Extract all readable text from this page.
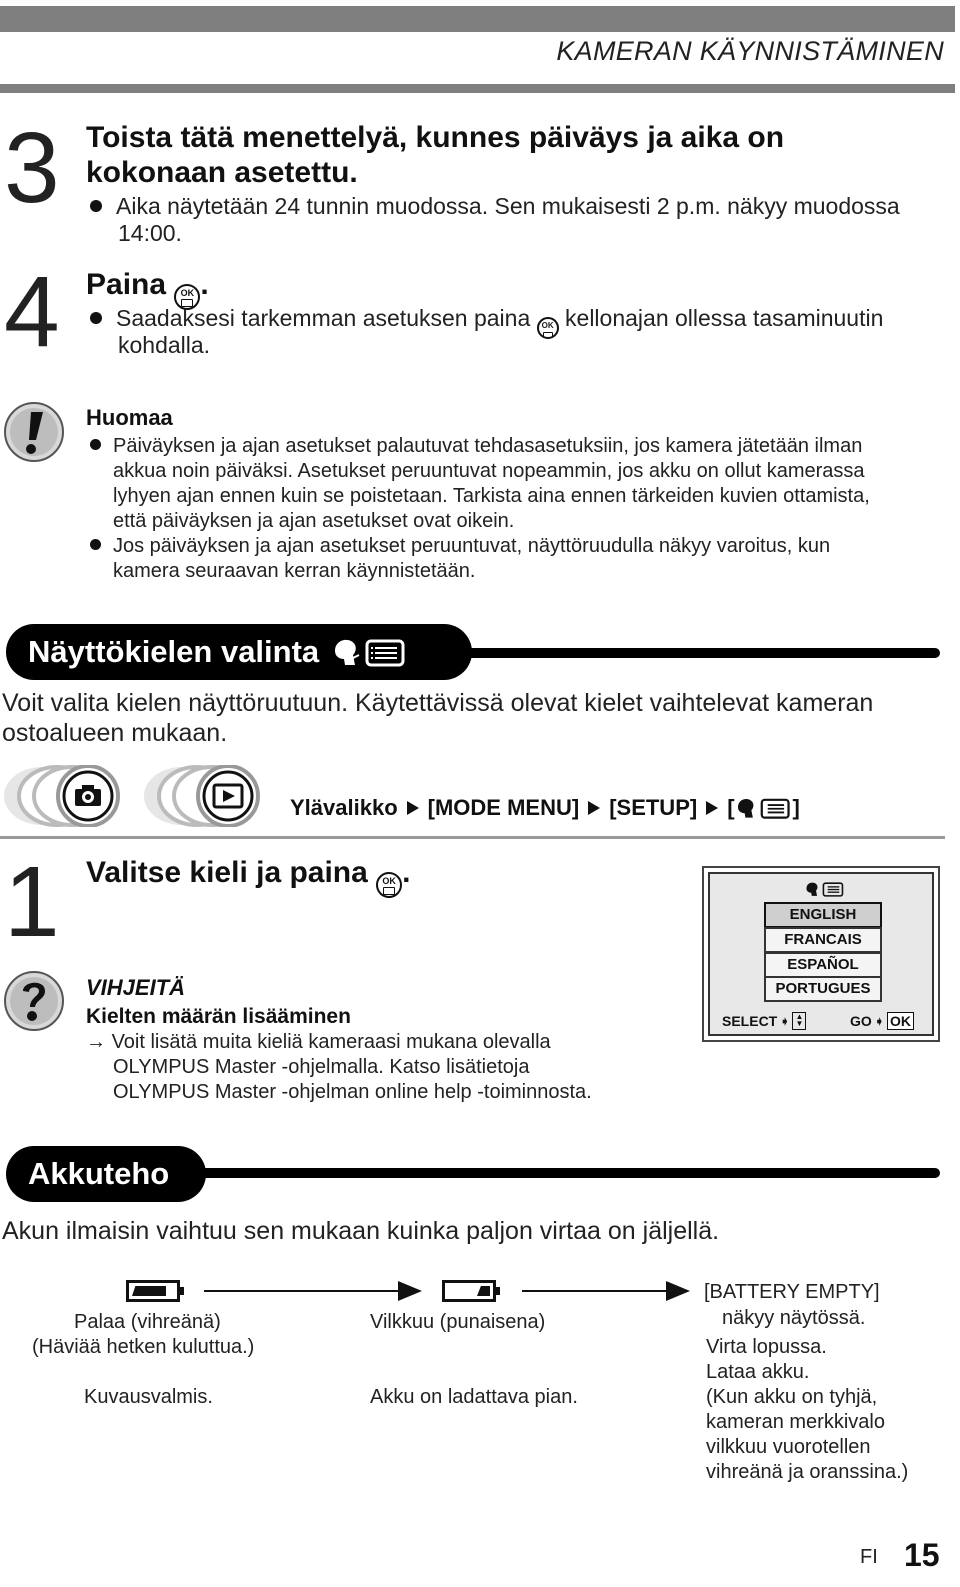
KAMERAN KÄYNNISTÄMINEN
3 Toista tätä menettelyä, kunnes päiväys ja aika on
kokonaan asetettu.
Aika näytetään 24 tunnin muodossa. Sen mukaisesti 2 p.m. näkyy muodossa
14:00.
4 Paina OK .
Saadaksesi tarkemman asetuksen paina OK kellonajan ollessa tasaminuutin
kohdalla.
Huomaa
Päiväyksen ja ajan asetukset palautuvat tehdasasetuksiin, jos kamera jätetään ilman
akkua noin päiväksi. Asetukset peruuntuvat nopeammin, jos akku on ollut kamerassa
lyhyen ajan ennen kuin se poistetaan. Tarkista aina ennen tärkeiden kuvien ottamista,
että päiväyksen ja ajan asetukset ovat oikein.
Jos päiväyksen ja ajan asetukset peruuntuvat, näyttöruudulla näkyy varoitus, kun
kamera seuraavan kerran käynnistetään.
Näyttökielen valinta
Voit valita kielen näyttöruutuun. Käytettävissä olevat kielet vaihtelevat kameran
ostoalueen mukaan.
Ylävalikko [MODE MENU] [SETUP] [	]
1 Valitse kieli ja paina OK .
VIHJEITÄ
Kielten määrän lisääminen
→ Voit lisätä muita kieliä kameraasi mukana olevalla
OLYMPUS Master -ohjelmalla. Katso lisätietoja
OLYMPUS Master -ohjelman online help -toiminnosta.
ENGLISH
FRANCAIS
ESPAÑOL
PORTUGUES
SELECT ➧ ▲
▼	GO ➧ OK
Akkuteho
Akun ilmaisin vaihtuu sen mukaan kuinka paljon virtaa on jäljellä.
Palaa (vihreänä)
(Häviää hetken kuluttua.)
Kuvausvalmis.
Vilkkuu (punaisena)
Akku on ladattava pian.
[BATTERY EMPTY]
näkyy näytössä.
Virta lopussa.
Lataa akku.
(Kun akku on tyhjä,
kameran merkkivalo
vilkkuu vuorotellen
vihreänä ja oranssina.)
FI 15
